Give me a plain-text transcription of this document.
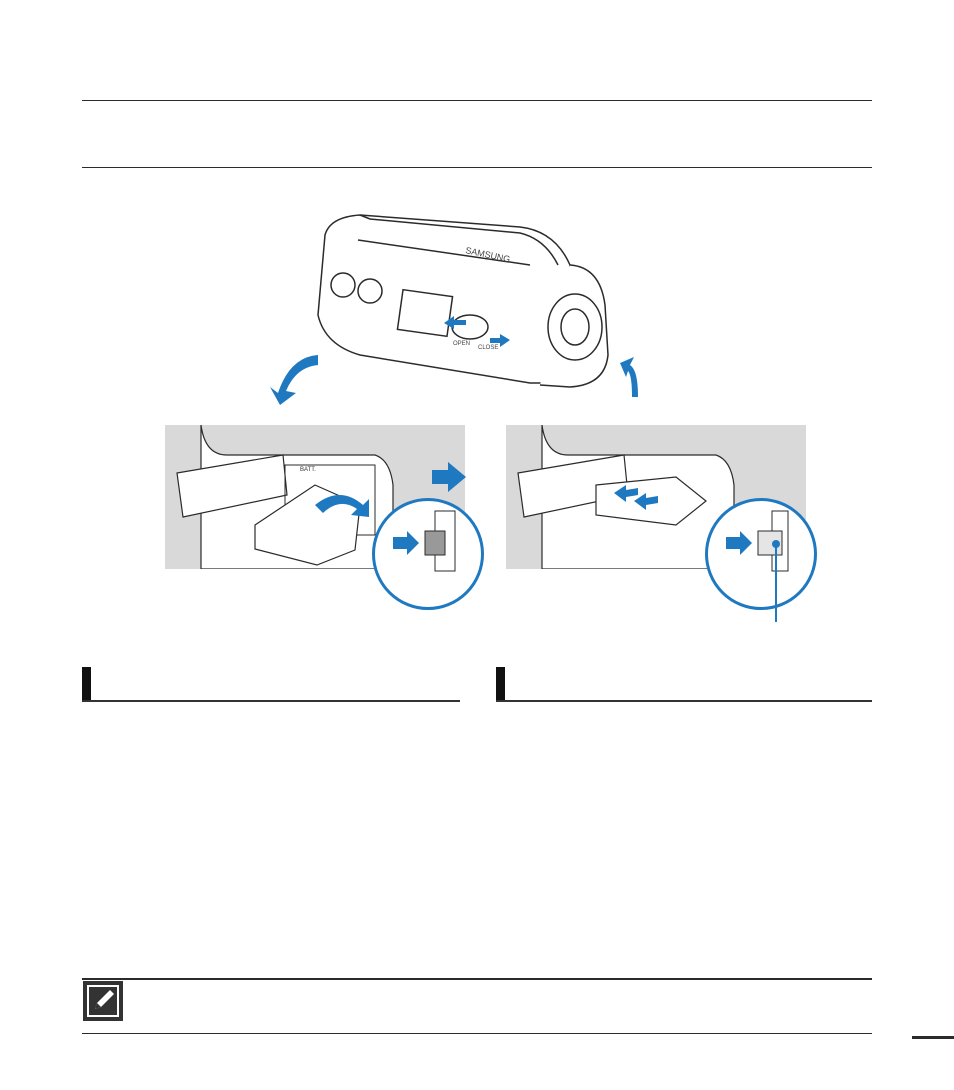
SAMSUNG
OPEN
CLOSE
BATT.
